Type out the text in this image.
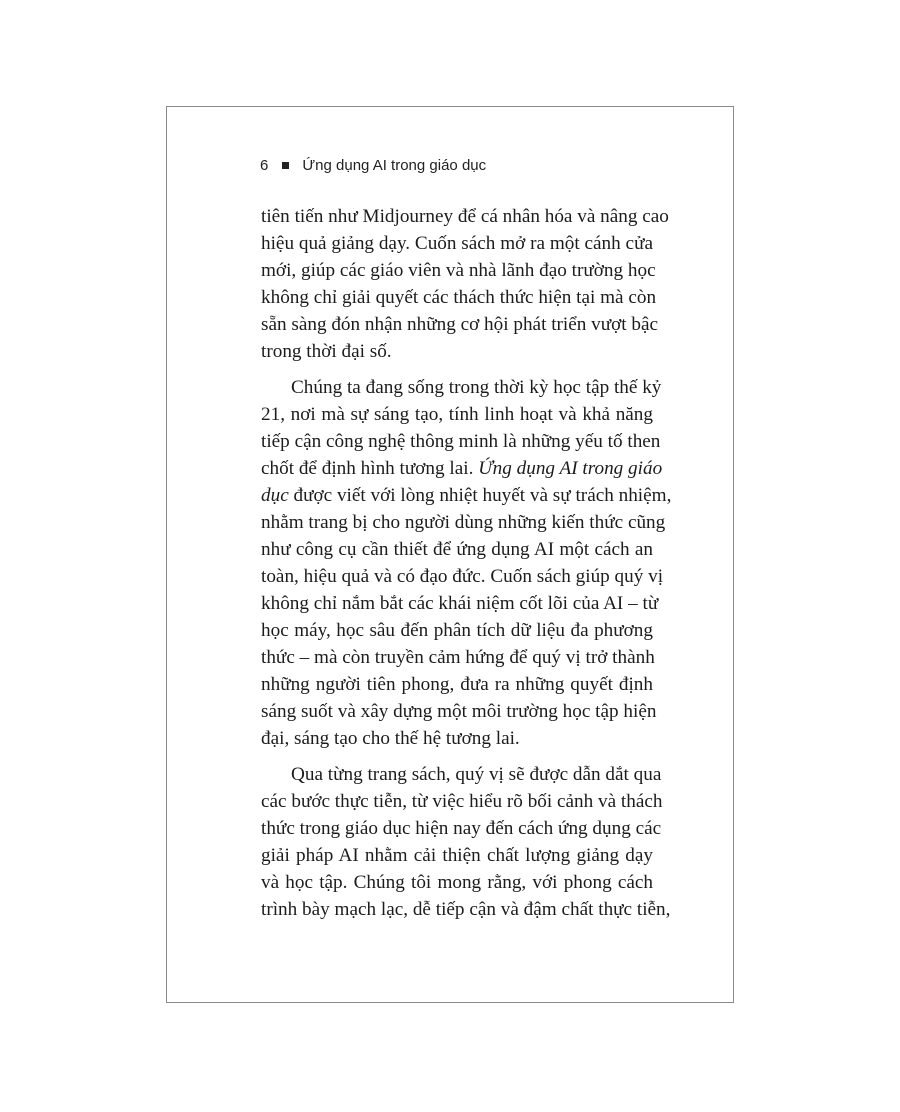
6 Ứng dụng AI trong giáo dục

tiên tiến như Midjourney để cá nhân hóa và nâng cao
hiệu quả giảng dạy. Cuốn sách mở ra một cánh cửa
mới, giúp các giáo viên và nhà lãnh đạo trường học
không chỉ giải quyết các thách thức hiện tại mà còn
sẵn sàng đón nhận những cơ hội phát triển vượt bậc
trong thời đại số.

Chúng ta đang sống trong thời kỳ học tập thế kỷ
21, nơi mà sự sáng tạo, tính linh hoạt và khả năng
tiếp cận công nghệ thông minh là những yếu tố then
chốt để định hình tương lai. Ứng dụng AI trong giáo
dục được viết với lòng nhiệt huyết và sự trách nhiệm,
nhằm trang bị cho người dùng những kiến thức cũng
như công cụ cần thiết để ứng dụng AI một cách an
toàn, hiệu quả và có đạo đức. Cuốn sách giúp quý vị
không chỉ nắm bắt các khái niệm cốt lõi của AI – từ
học máy, học sâu đến phân tích dữ liệu đa phương
thức – mà còn truyền cảm hứng để quý vị trở thành
những người tiên phong, đưa ra những quyết định
sáng suốt và xây dựng một môi trường học tập hiện
đại, sáng tạo cho thế hệ tương lai.

Qua từng trang sách, quý vị sẽ được dẫn dắt qua
các bước thực tiễn, từ việc hiểu rõ bối cảnh và thách
thức trong giáo dục hiện nay đến cách ứng dụng các
giải pháp AI nhằm cải thiện chất lượng giảng dạy
và học tập. Chúng tôi mong rằng, với phong cách
trình bày mạch lạc, dễ tiếp cận và đậm chất thực tiễn,
